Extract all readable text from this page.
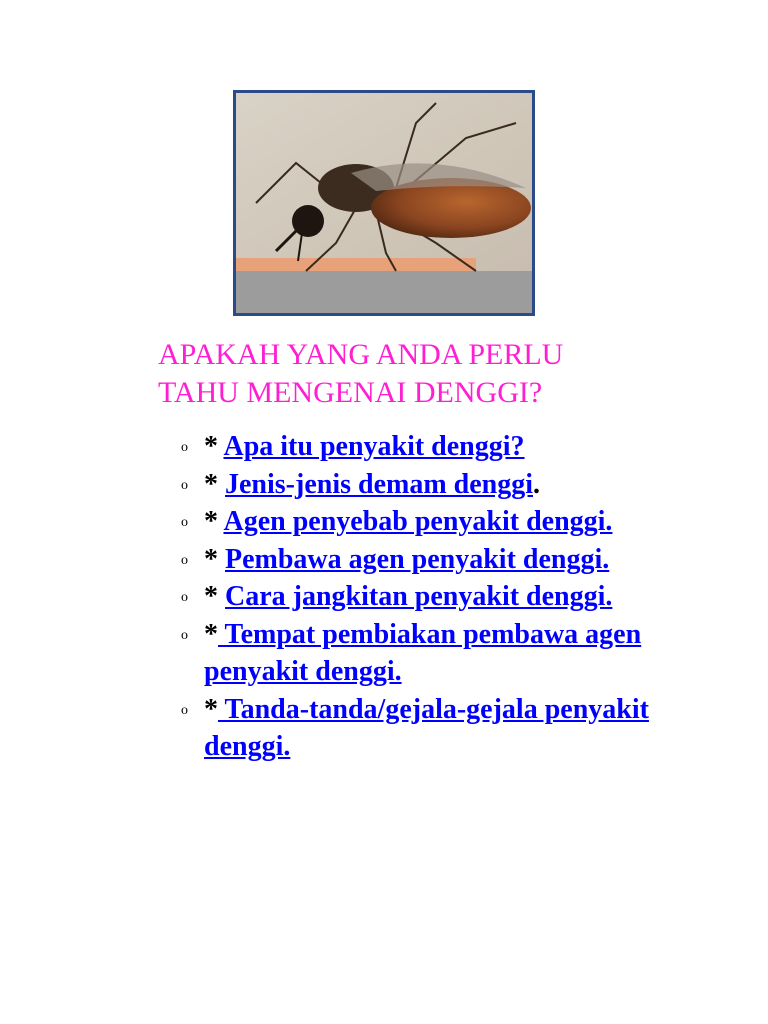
APAKAH YANG ANDA PERLU
TAHU MENGENAI DENGGI?
o * Apa itu penyakit denggi?
o * Jenis-jenis demam denggi.
o * Agen penyebab penyakit denggi.
o * Pembawa agen penyakit denggi.
o * Cara jangkitan penyakit denggi.
o * Tempat pembiakan pembawa agen penyakit denggi.
o * Tanda-tanda/gejala-gejala penyakit denggi.
